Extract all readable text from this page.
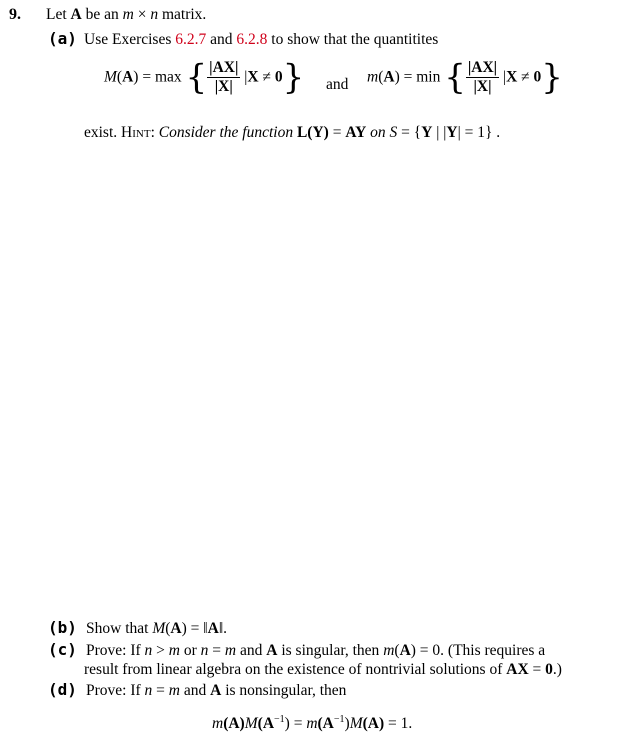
9. Let A be an m × n matrix.
(a) Use Exercises 6.2.7 and 6.2.8 to show that the quantitites
M(A) = max { $\frac{|AX|}{|X|} |X \ne 0$} and m(A) = min { $\frac{|AX|}{|X|} |X \ne 0$}
exist. Hint: Consider the function L(Y) = AY on S = {Y | |Y| = 1} .
(b) Show that M(A) = ‖A‖.
(c) Prove: If n > m or n = m and A is singular, then m(A) = 0. (This requires a
result from linear algebra on the existence of nontrivial solutions of AX = 0.)
(d) Prove: If n = m and A is nonsingular, then
$m(A)M(A^{-1}) = m(A^{-1})M(A) = 1$.
